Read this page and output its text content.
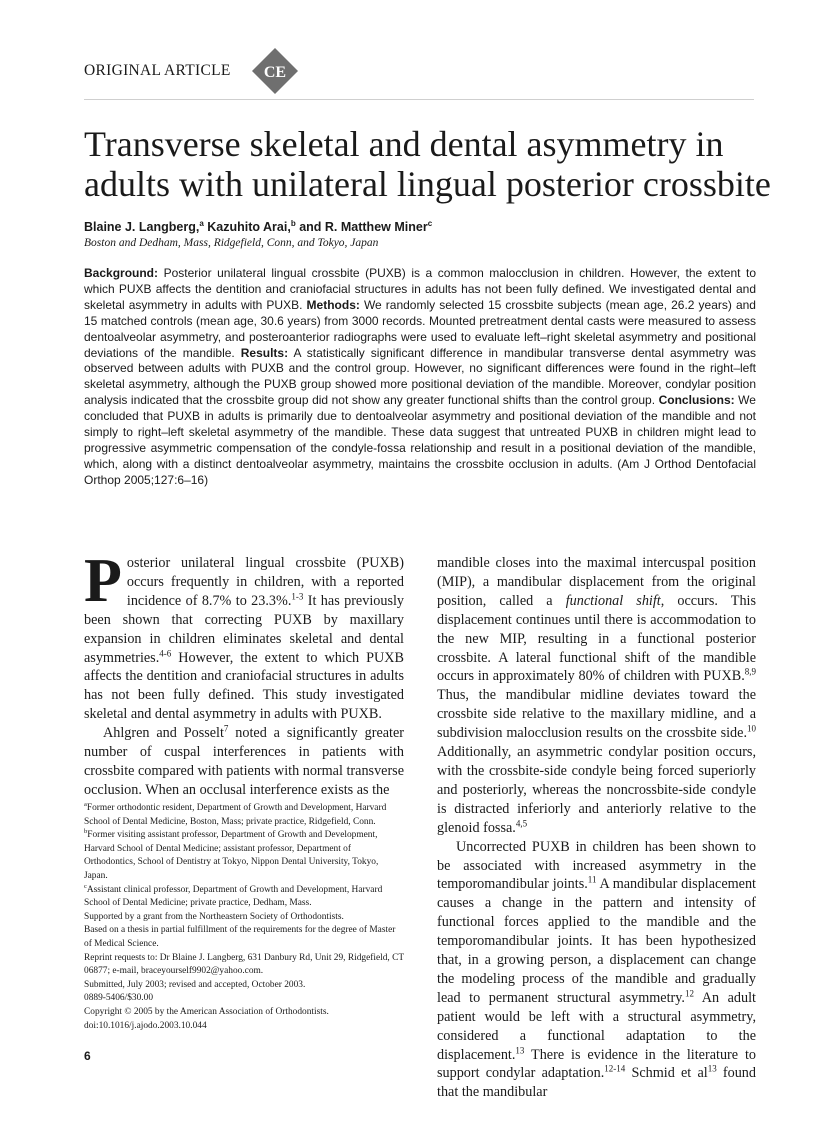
ORIGINAL ARTICLE CE
Transverse skeletal and dental asymmetry in adults with unilateral lingual posterior crossbite
Blaine J. Langberg,$^a$ Kazuhito Arai,$^b$ and R. Matthew Miner$^c$
Boston and Dedham, Mass, Ridgefield, Conn, and Tokyo, Japan
Background: Posterior unilateral lingual crossbite (PUXB) is a common malocclusion in children. However, the extent to which PUXB affects the dentition and craniofacial structures in adults has not been fully defined. We investigated dental and skeletal asymmetry in adults with PUXB. Methods: We randomly selected 15 crossbite subjects (mean age, 26.2 years) and 15 matched controls (mean age, 30.6 years) from 3000 records. Mounted pretreatment dental casts were measured to assess dentoalveolar asymmetry, and posteroanterior radiographs were used to evaluate left–right skeletal asymmetry and positional deviations of the mandible. Results: A statistically significant difference in mandibular transverse dental asymmetry was observed between adults with PUXB and the control group. However, no significant differences were found in the right–left skeletal asymmetry, although the PUXB group showed more positional deviation of the mandible. Moreover, condylar position analysis indicated that the crossbite group did not show any greater functional shifts than the control group. Conclusions: We concluded that PUXB in adults is primarily due to dentoalveolar asymmetry and positional deviation of the mandible and not simply to right–left skeletal asymmetry of the mandible. These data suggest that untreated PUXB in children might lead to progressive asymmetric compensation of the condyle-fossa relationship and result in a positional deviation of the mandible, which, along with a distinct dentoalveolar asymmetry, maintains the crossbite occlusion in adults. (Am J Orthod Dentofacial Orthop 2005;127:6–16)

Posterior unilateral lingual crossbite (PUXB) occurs frequently in children, with a reported incidence of 8.7% to 23.3%.$^{1-3}$ It has previously been shown that correcting PUXB by maxillary expansion in children eliminates skeletal and dental asymmetries.$^{4-6}$ However, the extent to which PUXB affects the dentition and craniofacial structures in adults has not been fully defined. This study investigated skeletal and dental asymmetry in adults with PUXB.

Ahlgren and Posselt$^7$ noted a significantly greater number of cuspal interferences in patients with crossbite compared with patients with normal transverse occlusion. When an occlusal interference exists as the

mandible closes into the maximal intercuspal position (MIP), a mandibular displacement from the original position, called a functional shift, occurs. This displacement continues until there is accommodation to the new MIP, resulting in a functional posterior crossbite. A lateral functional shift of the mandible occurs in approximately 80% of children with PUXB.$^{8,9}$ Thus, the mandibular midline deviates toward the crossbite side relative to the maxillary midline, and a subdivision malocclusion results on the crossbite side.$^{10}$ Additionally, an asymmetric condylar position occurs, with the crossbite-side condyle being forced superiorly and posteriorly, whereas the noncrossbite-side condyle is distracted inferiorly and anteriorly relative to the glenoid fossa.$^{4,5}$

Uncorrected PUXB in children has been shown to be associated with increased asymmetry in the temporomandibular joints.$^{11}$ A mandibular displacement causes a change in the pattern and intensity of functional forces applied to the mandible and the temporomandibular joints. It has been hypothesized that, in a growing person, a displacement can change the modeling process of the mandible and gradually lead to permanent structural asymmetry.$^{12}$ An adult patient would be left with a structural asymmetry, considered a functional adaptation to the displacement.$^{13}$ There is evidence in the literature to support condylar adaptation.$^{12-14}$ Schmid et $al^{13}$ found that the mandibular

$^a$Former orthodontic resident, Department of Growth and Development, Harvard School of Dental Medicine, Boston, Mass; private practice, Ridgefield, Conn.
$^b$Former visiting assistant professor, Department of Growth and Development, Harvard School of Dental Medicine; assistant professor, Department of Orthodontics, School of Dentistry at Tokyo, Nippon Dental University, Tokyo, Japan.
$^c$Assistant clinical professor, Department of Growth and Development, Harvard School of Dental Medicine; private practice, Dedham, Mass.
Supported by a grant from the Northeastern Society of Orthodontists.
Based on a thesis in partial fulfillment of the requirements for the degree of Master of Medical Science.
Reprint requests to: Dr Blaine J. Langberg, 631 Danbury Rd, Unit 29, Ridgefield, CT 06877; e-mail, braceyourself9902@yahoo.com.
Submitted, July 2003; revised and accepted, October 2003.
0889-5406/$30.00
Copyright © 2005 by the American Association of Orthodontists.
doi:10.1016/j.ajodo.2003.10.044
6
